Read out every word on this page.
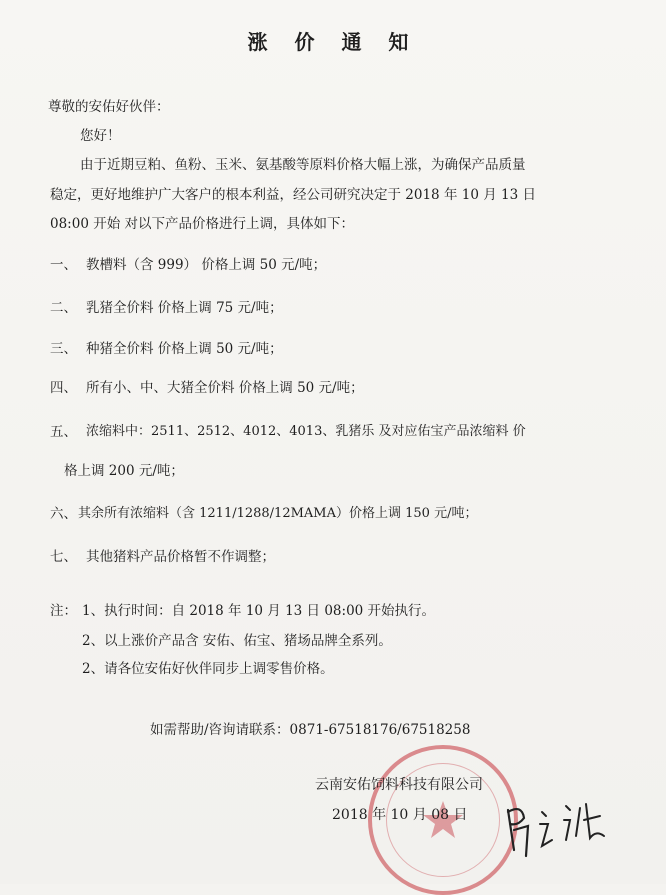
涨 价 通 知
尊敬的安佑好伙伴：
您好！
由于近期豆粕、鱼粉、玉米、氨基酸等原料价格大幅上涨，为确保产品质量
稳定，更好地维护广大客户的根本利益，经公司研究决定于 2018 年 10 月 13 日
08:00 开始 对以下产品价格进行上调，具体如下：
一、 教槽料（含 999） 价格上调 50 元/吨；
二、 乳猪全价料 价格上调 75 元/吨；
三、 种猪全价料 价格上调 50 元/吨；
四、 所有小、中、大猪全价料 价格上调 50 元/吨；
五、 浓缩料中：2511、2512、4012、4013、乳猪乐 及对应佑宝产品浓缩料 价
格上调 200 元/吨；
六、 其余所有浓缩料（含 1211/1288/12MAMA）价格上调 150 元/吨；
七、 其他猪料产品价格暂不作调整；
注： 1、执行时间：自 2018 年 10 月 13 日 08:00 开始执行。
2、以上涨价产品含 安佑、佑宝、猪场品牌全系列。
2、请各位安佑好伙伴同步上调零售价格。
如需帮助/咨询请联系：0871-67518176/67518258
云南安佑饲料科技有限公司
2018 年 10 月 08 日
